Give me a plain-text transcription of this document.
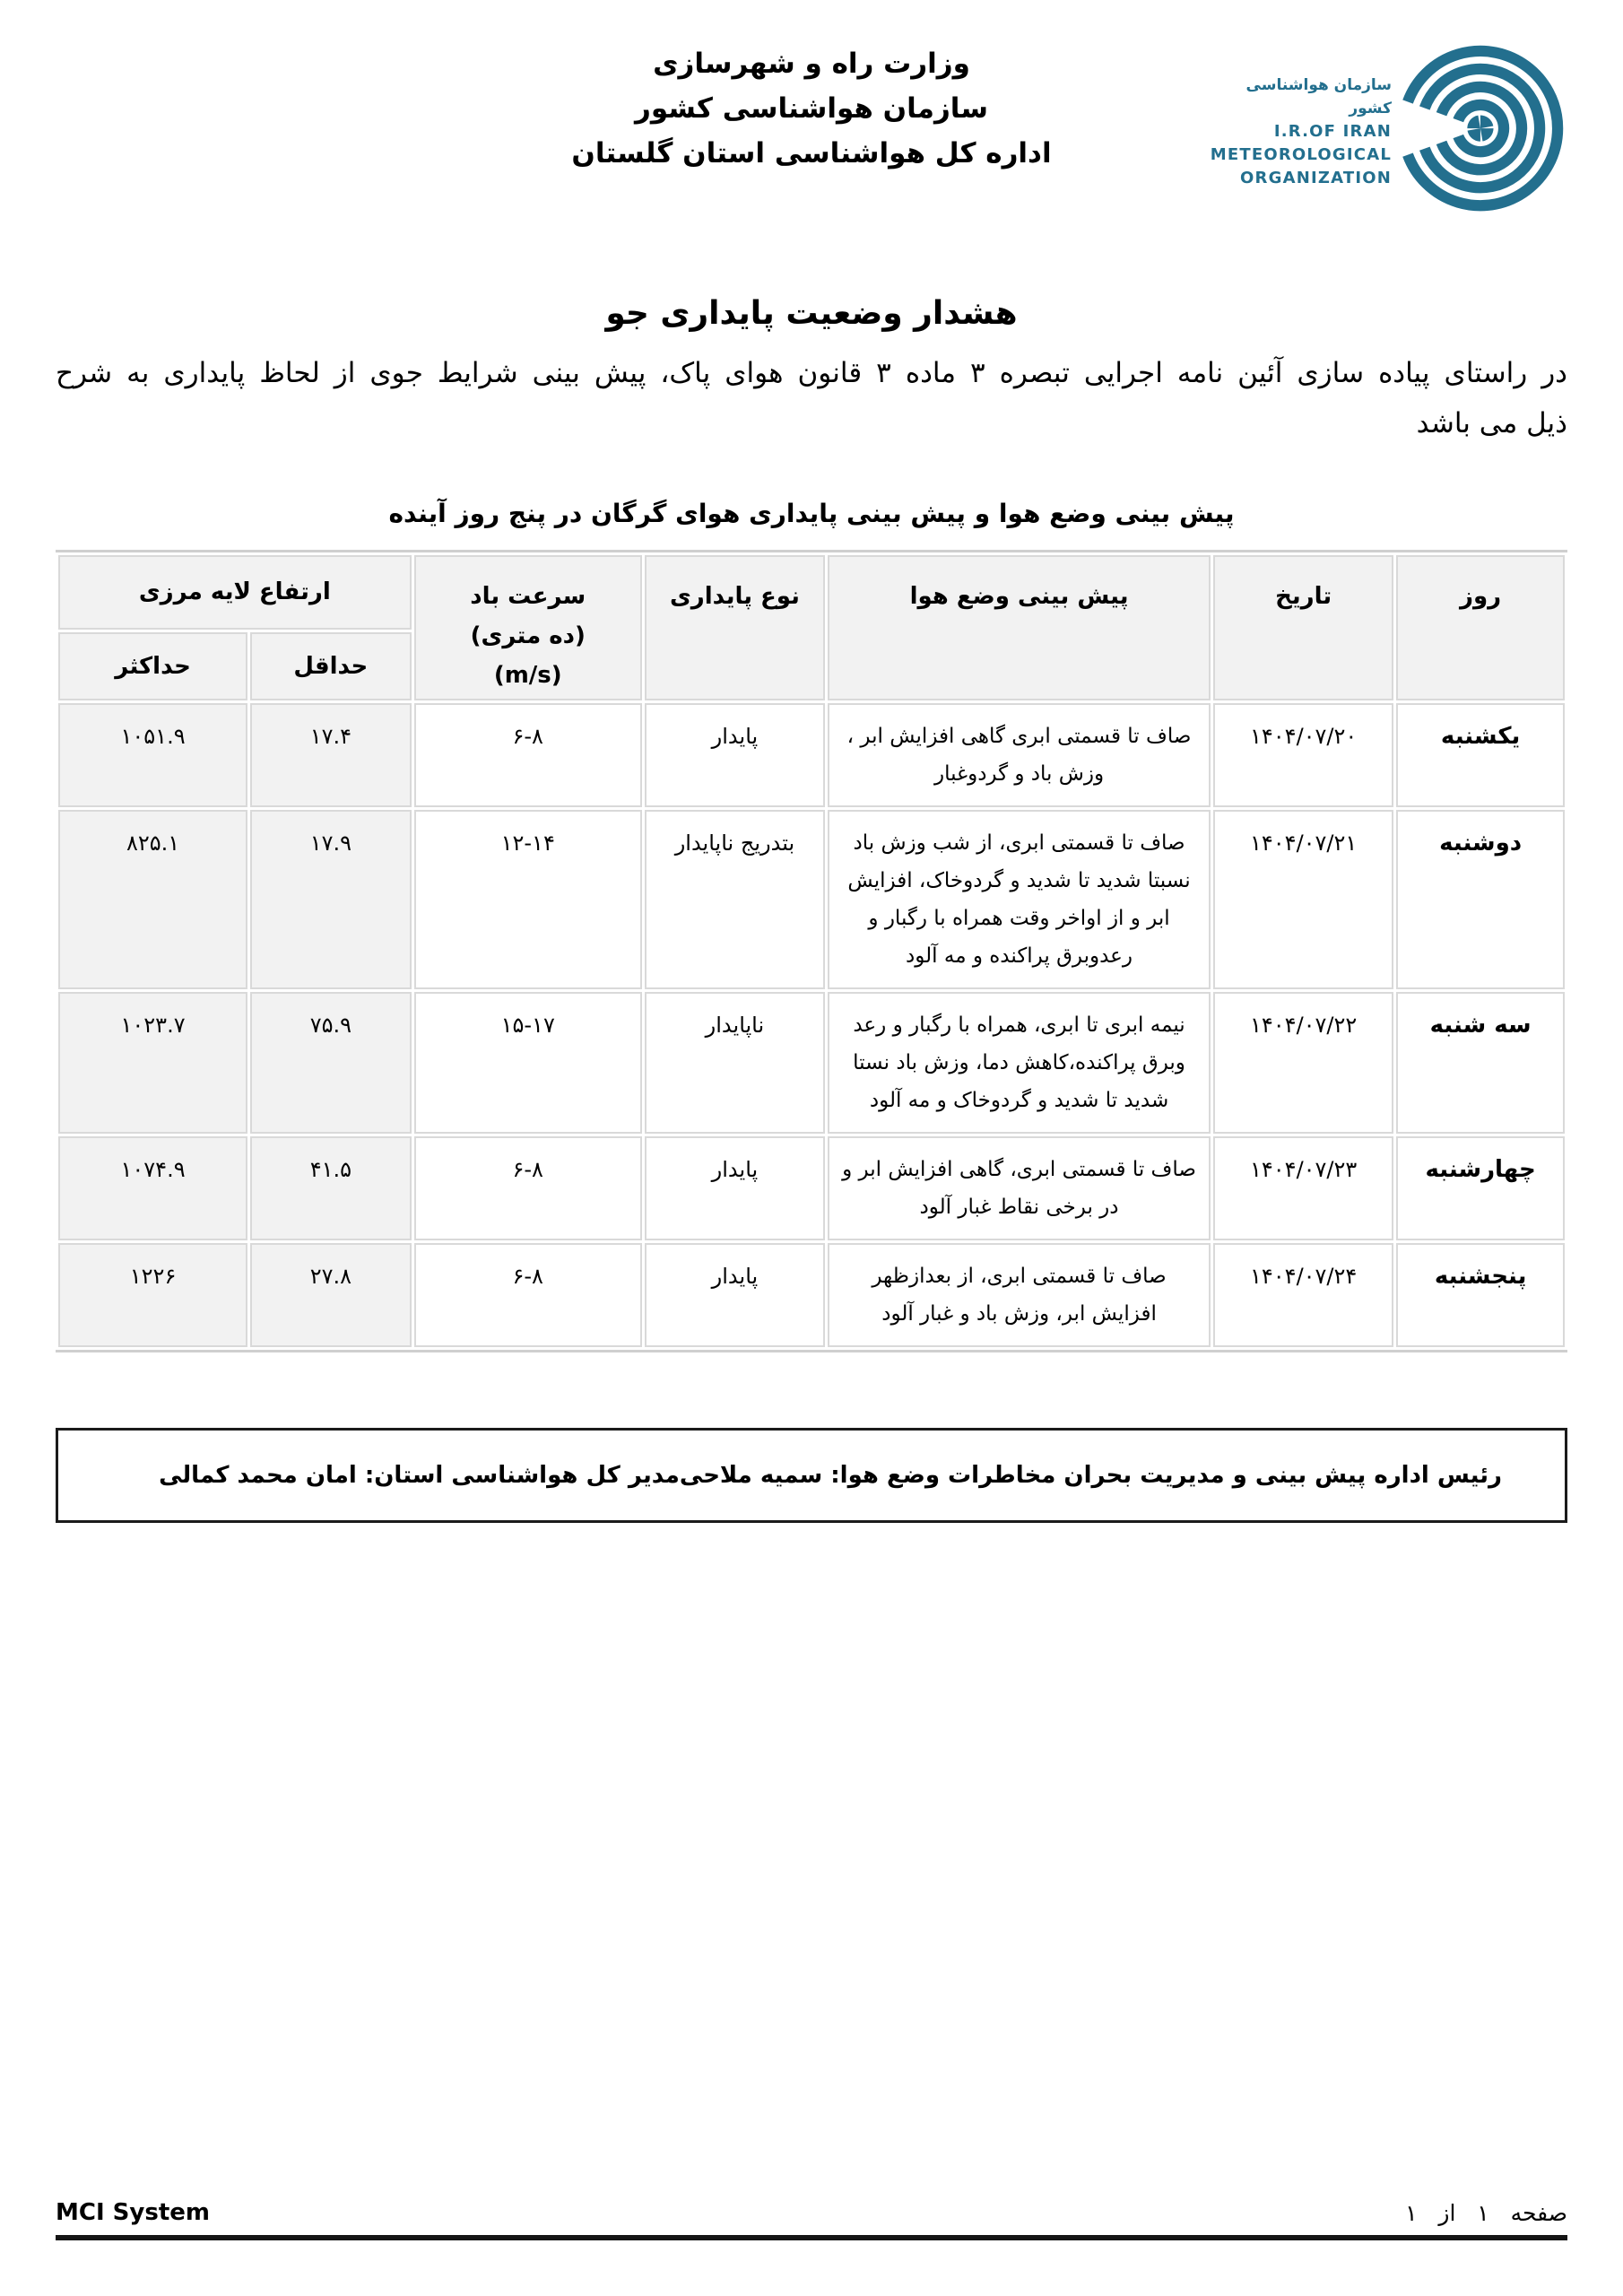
وزارت راه و شهرسازی
سازمان هواشناسی کشور
اداره کل هواشناسی استان گلستان
سازمان هواشناسی کشور
I.R.OF IRAN
METEOROLOGICAL
ORGANIZATION
هشدار وضعیت پایداری جو
در راستای پیاده سازی آئین نامه اجرایی تبصره ۳ ماده ۳ قانون هوای پاک، پیش بینی شرایط جوی از لحاظ پایداری به شرح
ذیل می باشد
پیش بینی وضع هوا و پیش بینی پایداری هوای گرگان در پنج روز آینده
روز	تاریخ	پیش بینی وضع هوا	نوع پایداری	سرعت باد
(ده متری)
(m/s)	ارتفاع لایه مرزی	
					حداقل	حداکثر
یکشنبه	۱۴۰۴/۰۷/۲۰	صاف تا قسمتی ابری گاهی افزایش ابر ، وزش باد و گردوغبار	پایدار	۶-۸	۱۷.۴	۱۰۵۱.۹
دوشنبه	۱۴۰۴/۰۷/۲۱	صاف تا قسمتی ابری، از شب وزش باد نسبتا شدید تا شدید و گردوخاک، افزایش ابر و از اواخر وقت همراه با رگبار و رعدوبرق پراکنده و مه آلود	بتدریج ناپایدار	۱۲-۱۴	۱۷.۹	۸۲۵.۱
سه شنبه	۱۴۰۴/۰۷/۲۲	نیمه ابری تا ابری، همراه با رگبار و رعد وبرق پراکنده،کاهش دما، وزش باد نستا شدید تا شدید و گردوخاک و مه آلود	ناپایدار	۱۵-۱۷	۷۵.۹	۱۰۲۳.۷
چهارشنبه	۱۴۰۴/۰۷/۲۳	صاف تا قسمتی ابری، گاهی افزایش ابر و در برخی نقاط غبار آلود	پایدار	۶-۸	۴۱.۵	۱۰۷۴.۹
پنجشنبه	۱۴۰۴/۰۷/۲۴	صاف تا قسمتی ابری، از بعدازظهر افزایش ابر، وزش باد و غبار آلود	پایدار	۶-۸	۲۷.۸	۱۲۲۶
رئیس اداره پیش بینی و مدیریت بحران مخاطرات وضع هوا: سمیه ملاحی
مدیر کل هواشناسی استان: امان محمد کمالی
صفحه   ۱   از   ۱
MCI System
